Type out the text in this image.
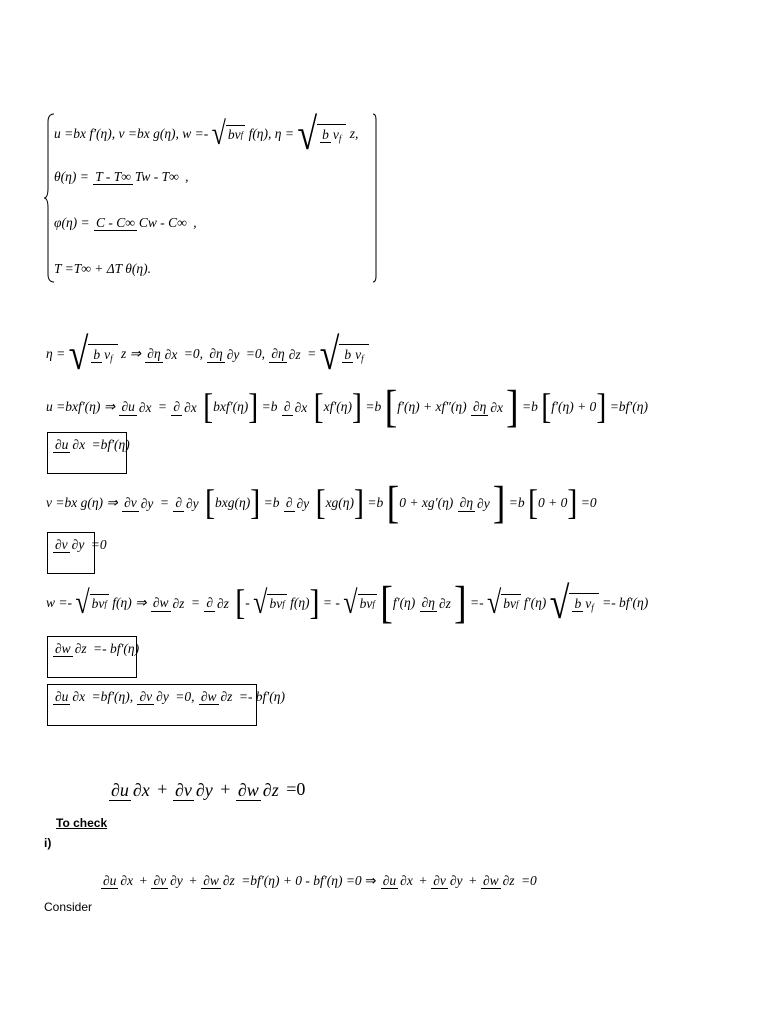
u =bx f′(η), v =bx g(η), w =- √ bv f f(η), η = √ b $\nu_f$ z,
θ(η) = T - T∞ Tw - T∞ ,
φ(η) = C - C∞ Cw - C∞ ,
T =T∞ + ΔT θ(η).
η = √ b $\nu_f$ z ⇒ ∂η ∂x =0, ∂η ∂y =0, ∂η ∂z = √ b $\nu_f$
u =bxf′(η) ⇒ ∂u ∂x = ∂ ∂x [bxf′(η)] =b ∂ ∂x [xf′(η)] =b [f′(η) + xf″(η) ∂η ∂x] =b [f′(η) + 0] =bf′(η)
∂u ∂x =bf′(η)
v =bx g(η) ⇒ ∂v ∂y = ∂ ∂y [bxg(η)] =b ∂ ∂y [xg(η)] =b [0 + xg′(η) ∂η ∂y] =b [0 + 0] =0
∂v ∂y =0
w =- √ bv f f(η) ⇒ ∂w ∂z = ∂ ∂z [- √ bv f f(η)] = - √ bv f [f′(η) ∂η ∂z] =- √ bv f f′(η) √ b $\nu_f =- bf'(\eta)$
∂w ∂z =- bf′(η)
∂u ∂x =bf′(η), ∂v ∂y =0, ∂w ∂z =- bf′(η)
∂u ∂x + ∂v ∂y + ∂w ∂z =0
To check
i)
Consider
∂u ∂x + ∂v ∂y + ∂w ∂z =bf′(η) + 0 - bf′(η) =0 ⇒ ∂u ∂x + ∂v ∂y + ∂w ∂z =0
